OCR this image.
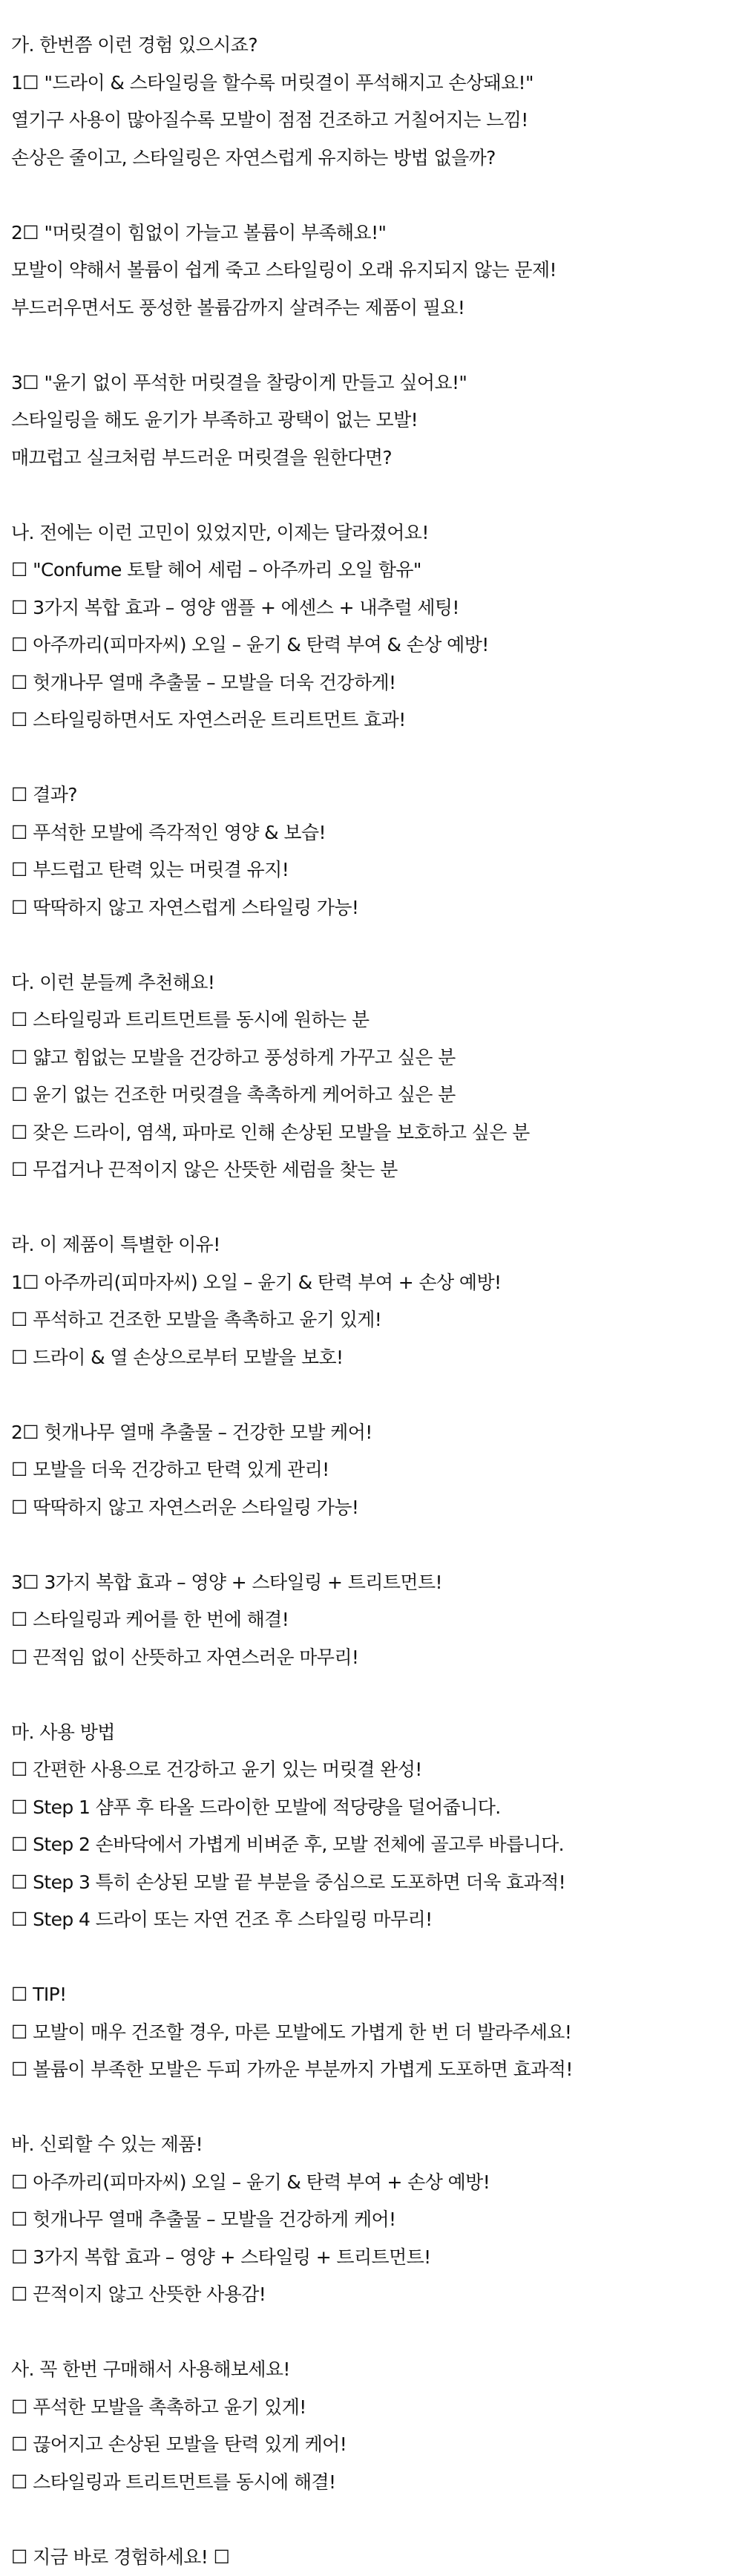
가. 한번쯤 이런 경험 있으시죠?
1☐ "드라이 & 스타일링을 할수록 머릿결이 푸석해지고 손상돼요!"
열기구 사용이 많아질수록 모발이 점점 건조하고 거칠어지는 느낌!
손상은 줄이고, 스타일링은 자연스럽게 유지하는 방법 없을까?
2☐ "머릿결이 힘없이 가늘고 볼륨이 부족해요!"
모발이 약해서 볼륨이 쉽게 죽고 스타일링이 오래 유지되지 않는 문제!
부드러우면서도 풍성한 볼륨감까지 살려주는 제품이 필요!
3☐ "윤기 없이 푸석한 머릿결을 찰랑이게 만들고 싶어요!"
스타일링을 해도 윤기가 부족하고 광택이 없는 모발!
매끄럽고 실크처럼 부드러운 머릿결을 원한다면?
나. 전에는 이런 고민이 있었지만, 이제는 달라졌어요!
☐ "Confume 토탈 헤어 세럼 – 아주까리 오일 함유"
☐ 3가지 복합 효과 – 영양 앰플 + 에센스 + 내추럴 세팅!
☐ 아주까리(피마자씨) 오일 – 윤기 & 탄력 부여 & 손상 예방!
☐ 헛개나무 열매 추출물 – 모발을 더욱 건강하게!
☐ 스타일링하면서도 자연스러운 트리트먼트 효과!
☐ 결과?
☐ 푸석한 모발에 즉각적인 영양 & 보습!
☐ 부드럽고 탄력 있는 머릿결 유지!
☐ 딱딱하지 않고 자연스럽게 스타일링 가능!
다. 이런 분들께 추천해요!
☐ 스타일링과 트리트먼트를 동시에 원하는 분
☐ 얇고 힘없는 모발을 건강하고 풍성하게 가꾸고 싶은 분
☐ 윤기 없는 건조한 머릿결을 촉촉하게 케어하고 싶은 분
☐ 잦은 드라이, 염색, 파마로 인해 손상된 모발을 보호하고 싶은 분
☐ 무겁거나 끈적이지 않은 산뜻한 세럼을 찾는 분
라. 이 제품이 특별한 이유!
1☐ 아주까리(피마자씨) 오일 – 윤기 & 탄력 부여 + 손상 예방!
☐ 푸석하고 건조한 모발을 촉촉하고 윤기 있게!
☐ 드라이 & 열 손상으로부터 모발을 보호!
2☐ 헛개나무 열매 추출물 – 건강한 모발 케어!
☐ 모발을 더욱 건강하고 탄력 있게 관리!
☐ 딱딱하지 않고 자연스러운 스타일링 가능!
3☐ 3가지 복합 효과 – 영양 + 스타일링 + 트리트먼트!
☐ 스타일링과 케어를 한 번에 해결!
☐ 끈적임 없이 산뜻하고 자연스러운 마무리!
마. 사용 방법
☐ 간편한 사용으로 건강하고 윤기 있는 머릿결 완성!
☐ Step 1 샴푸 후 타올 드라이한 모발에 적당량을 덜어줍니다.
☐ Step 2 손바닥에서 가볍게 비벼준 후, 모발 전체에 골고루 바릅니다.
☐ Step 3 특히 손상된 모발 끝 부분을 중심으로 도포하면 더욱 효과적!
☐ Step 4 드라이 또는 자연 건조 후 스타일링 마무리!
☐ TIP!
☐ 모발이 매우 건조할 경우, 마른 모발에도 가볍게 한 번 더 발라주세요!
☐ 볼륨이 부족한 모발은 두피 가까운 부분까지 가볍게 도포하면 효과적!
바. 신뢰할 수 있는 제품!
☐ 아주까리(피마자씨) 오일 – 윤기 & 탄력 부여 + 손상 예방!
☐ 헛개나무 열매 추출물 – 모발을 건강하게 케어!
☐ 3가지 복합 효과 – 영양 + 스타일링 + 트리트먼트!
☐ 끈적이지 않고 산뜻한 사용감!
사. 꼭 한번 구매해서 사용해보세요!
☐ 푸석한 모발을 촉촉하고 윤기 있게!
☐ 끊어지고 손상된 모발을 탄력 있게 케어!
☐ 스타일링과 트리트먼트를 동시에 해결!
☐ 지금 바로 경험하세요! ☐
